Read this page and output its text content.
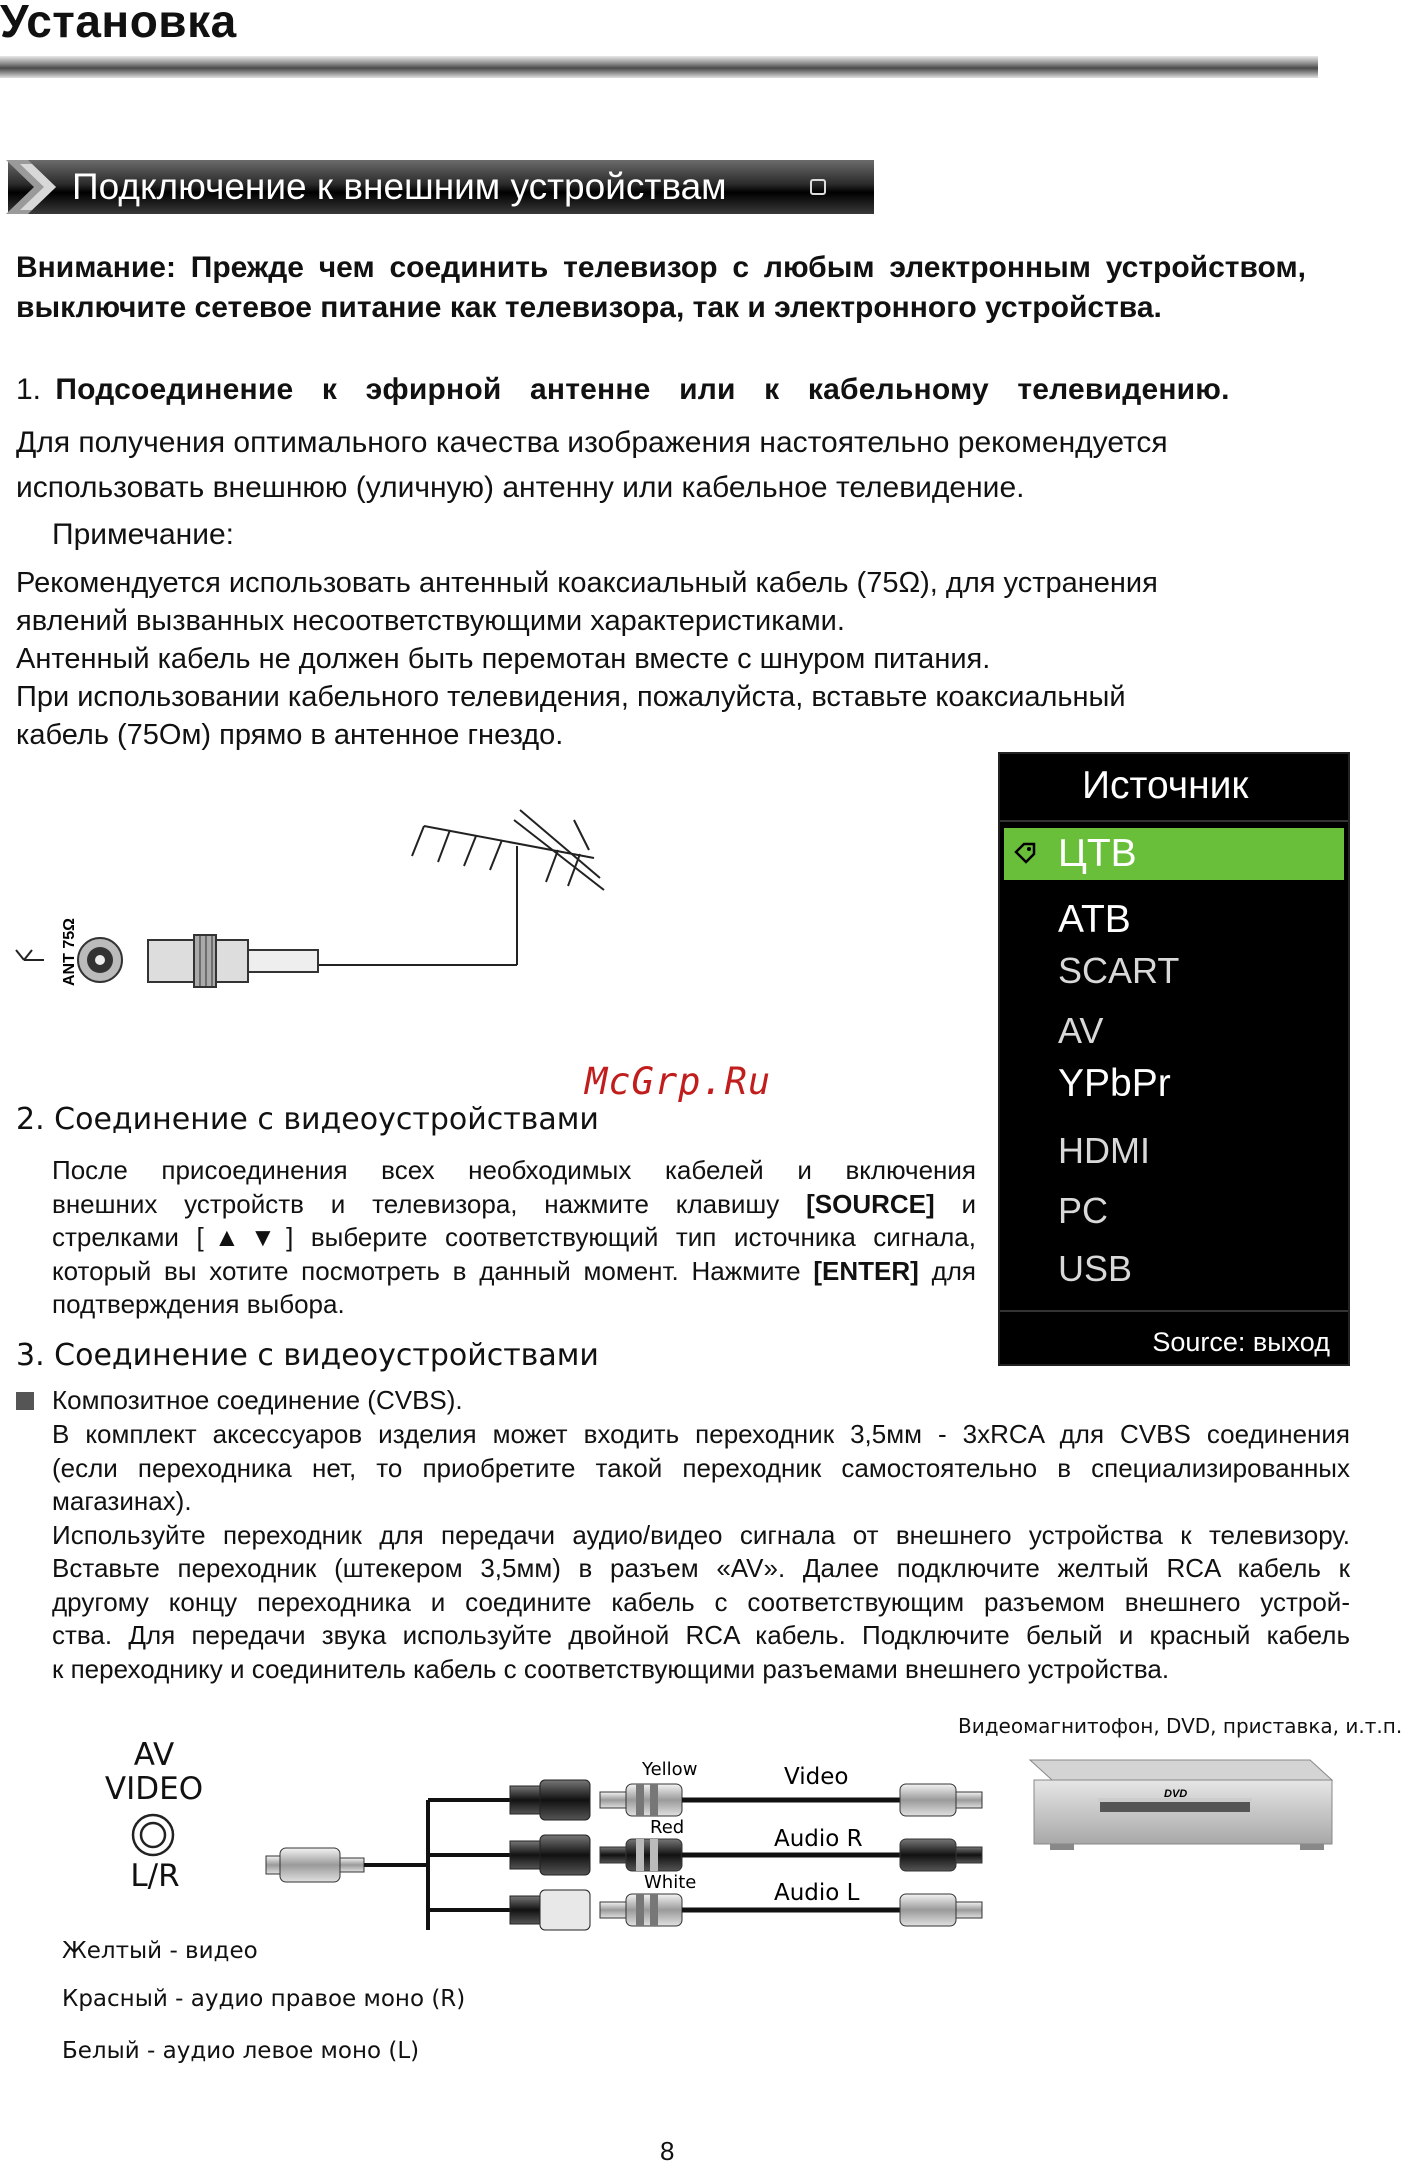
Установка
Подключение к внешним устройствам
Внимание: Прежде чем соединить телевизор с любым электронным устройством, выключите сетевое питание как телевизора, так и электронного устройства.
1. Подсоединение к эфирной антенне или к кабельному телевидению.
Для получения оптимального качества изображения настоятельно рекомендуется
использовать внешнюю (уличную) антенну или кабельное телевидение.
Примечание:
Рекомендуется использовать антенный коаксиальный кабель (75Ω), для устранения
явлений вызванных несоответствующими характеристиками.
Антенный кабель не должен быть перемотан вместе с шнуром питания.
При использовании кабельного телевидения, пожалуйста, вставьте коаксиальный
кабель (75Ом) прямо в антенное гнездо.
ANT 75Ω
Источник
ЦТВ
АТВ
SCART
AV
YPbPr
HDMI
PC
USB
Source: выход
McGrp.Ru
2. Соединение с видеоустройствами
После присоединения всех необходимых кабелей и включения
внешних устройств и телевизора, нажмите клавишу [SOURCE] и
стрелками [▲▼] выберите соответствующий тип источника сигнала,
который вы хотите посмотреть в данный момент. Нажмите [ENTER] для
подтверждения выбора.
3. Соединение с видеоустройствами
Композитное соединение (CVBS).
В комплект аксессуаров изделия может входить переходник 3,5мм - 3xRCA для CVBS соединения
(если переходника нет, то приобретите такой переходник самостоятельно в специализированных
магазинах).
Используйте переходник для передачи аудио/видео сигнала от внешнего устройства к телевизору.
Вставьте переходник (штекером 3,5мм) в разъем «AV». Далее подключите желтый RCA кабель к
другому концу переходника и соедините кабель с соответствующим разъемом внешнего устрой-
ства. Для передачи звука используйте двойной RCA кабель. Подключите белый и красный кабель
к переходнику и соединитель кабель с соответствующими разъемами внешнего устройства.
Видеомагнитофон, DVD, приставка, и.т.п.
AV
VIDEO
L/R
Yellow
Red
White
Video
Audio R
Audio L
DVD
Желтый - видео
Красный - аудио правое моно (R)
Белый - аудио левое моно (L)
8
